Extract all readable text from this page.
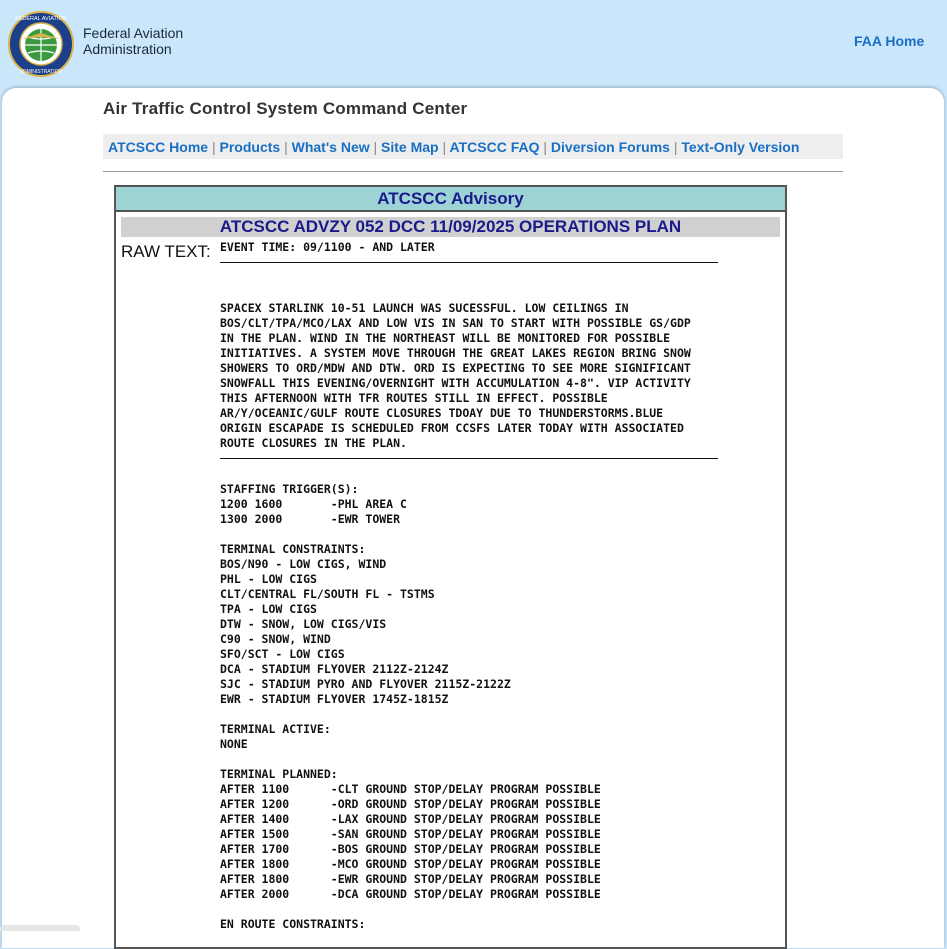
FEDERAL AVIATION
ADMINISTRATION
Federal Aviation
Administration	FAA Home
Air Traffic Control System Command Center
ATCSCC Home | Products | What's New | Site Map | ATCSCC FAQ | Diversion Forums | Text-Only Version
ATCSCC Advisory
ATCSCC ADVZY 052 DCC 11/09/2025 OPERATIONS PLAN
RAW TEXT: EVENT TIME: 09/1100 - AND LATER

SPACEX STARLINK 10-51 LAUNCH WAS SUCESSFUL. LOW CEILINGS IN
BOS/CLT/TPA/MCO/LAX AND LOW VIS IN SAN TO START WITH POSSIBLE GS/GDP
IN THE PLAN. WIND IN THE NORTHEAST WILL BE MONITORED FOR POSSIBLE
INITIATIVES. A SYSTEM MOVE THROUGH THE GREAT LAKES REGION BRING SNOW
SHOWERS TO ORD/MDW AND DTW. ORD IS EXPECTING TO SEE MORE SIGNIFICANT
SNOWFALL THIS EVENING/OVERNIGHT WITH ACCUMULATION 4-8". VIP ACTIVITY
THIS AFTERNOON WITH TFR ROUTES STILL IN EFFECT. POSSIBLE
AR/Y/OCEANIC/GULF ROUTE CLOSURES TDOAY DUE TO THUNDERSTORMS.BLUE
ORIGIN ESCAPADE IS SCHEDULED FROM CCSFS LATER TODAY WITH ASSOCIATED
ROUTE CLOSURES IN THE PLAN.

STAFFING TRIGGER(S):
1200 1600       -PHL AREA C
1300 2000       -EWR TOWER

TERMINAL CONSTRAINTS:
BOS/N90 - LOW CIGS, WIND
PHL - LOW CIGS
CLT/CENTRAL FL/SOUTH FL - TSTMS
TPA - LOW CIGS
DTW - SNOW, LOW CIGS/VIS
C90 - SNOW, WIND
SFO/SCT - LOW CIGS
DCA - STADIUM FLYOVER 2112Z-2124Z
SJC - STADIUM PYRO AND FLYOVER 2115Z-2122Z
EWR - STADIUM FLYOVER 1745Z-1815Z

TERMINAL ACTIVE:
NONE

TERMINAL PLANNED:
AFTER 1100      -CLT GROUND STOP/DELAY PROGRAM POSSIBLE
AFTER 1200      -ORD GROUND STOP/DELAY PROGRAM POSSIBLE
AFTER 1400      -LAX GROUND STOP/DELAY PROGRAM POSSIBLE
AFTER 1500      -SAN GROUND STOP/DELAY PROGRAM POSSIBLE
AFTER 1700      -BOS GROUND STOP/DELAY PROGRAM POSSIBLE
AFTER 1800      -MCO GROUND STOP/DELAY PROGRAM POSSIBLE
AFTER 1800      -EWR GROUND STOP/DELAY PROGRAM POSSIBLE
AFTER 2000      -DCA GROUND STOP/DELAY PROGRAM POSSIBLE

EN ROUTE CONSTRAINTS:
